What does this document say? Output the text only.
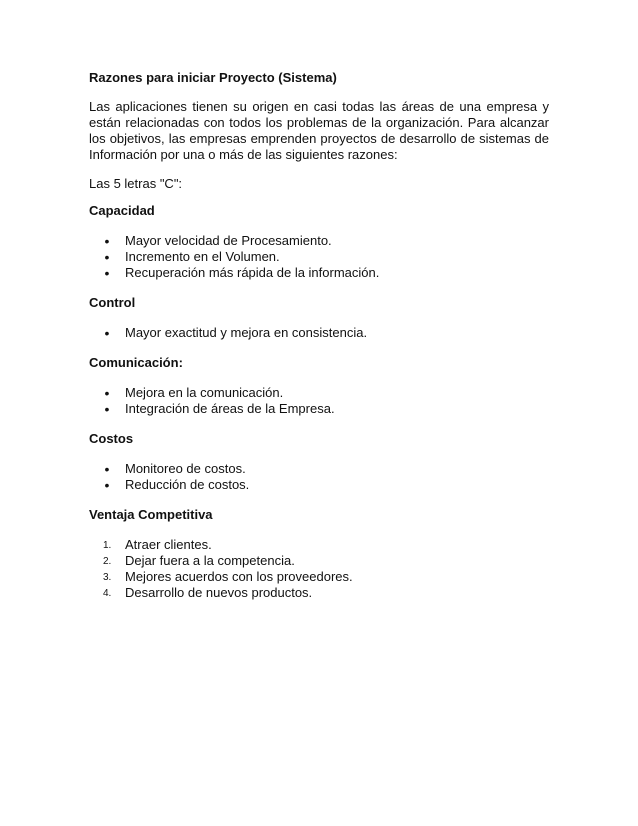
Razones para iniciar Proyecto (Sistema)

Las aplicaciones tienen su origen en casi todas las áreas de una empresa y están relacionadas con todos los problemas de la organización. Para alcanzar los objetivos, las empresas emprenden proyectos de desarrollo de sistemas de Información por una o más de las siguientes razones:

Las 5 letras "C":

Capacidad

• Mayor velocidad de Procesamiento.
• Incremento en el Volumen.
• Recuperación más rápida de la información.

Control

• Mayor exactitud y mejora en consistencia.

Comunicación:

• Mejora en la comunicación.
• Integración de áreas de la Empresa.

Costos

• Monitoreo de costos.
• Reducción de costos.

Ventaja Competitiva

1. Atraer clientes.
2. Dejar fuera a la competencia.
3. Mejores acuerdos con los proveedores.
4. Desarrollo de nuevos productos.
